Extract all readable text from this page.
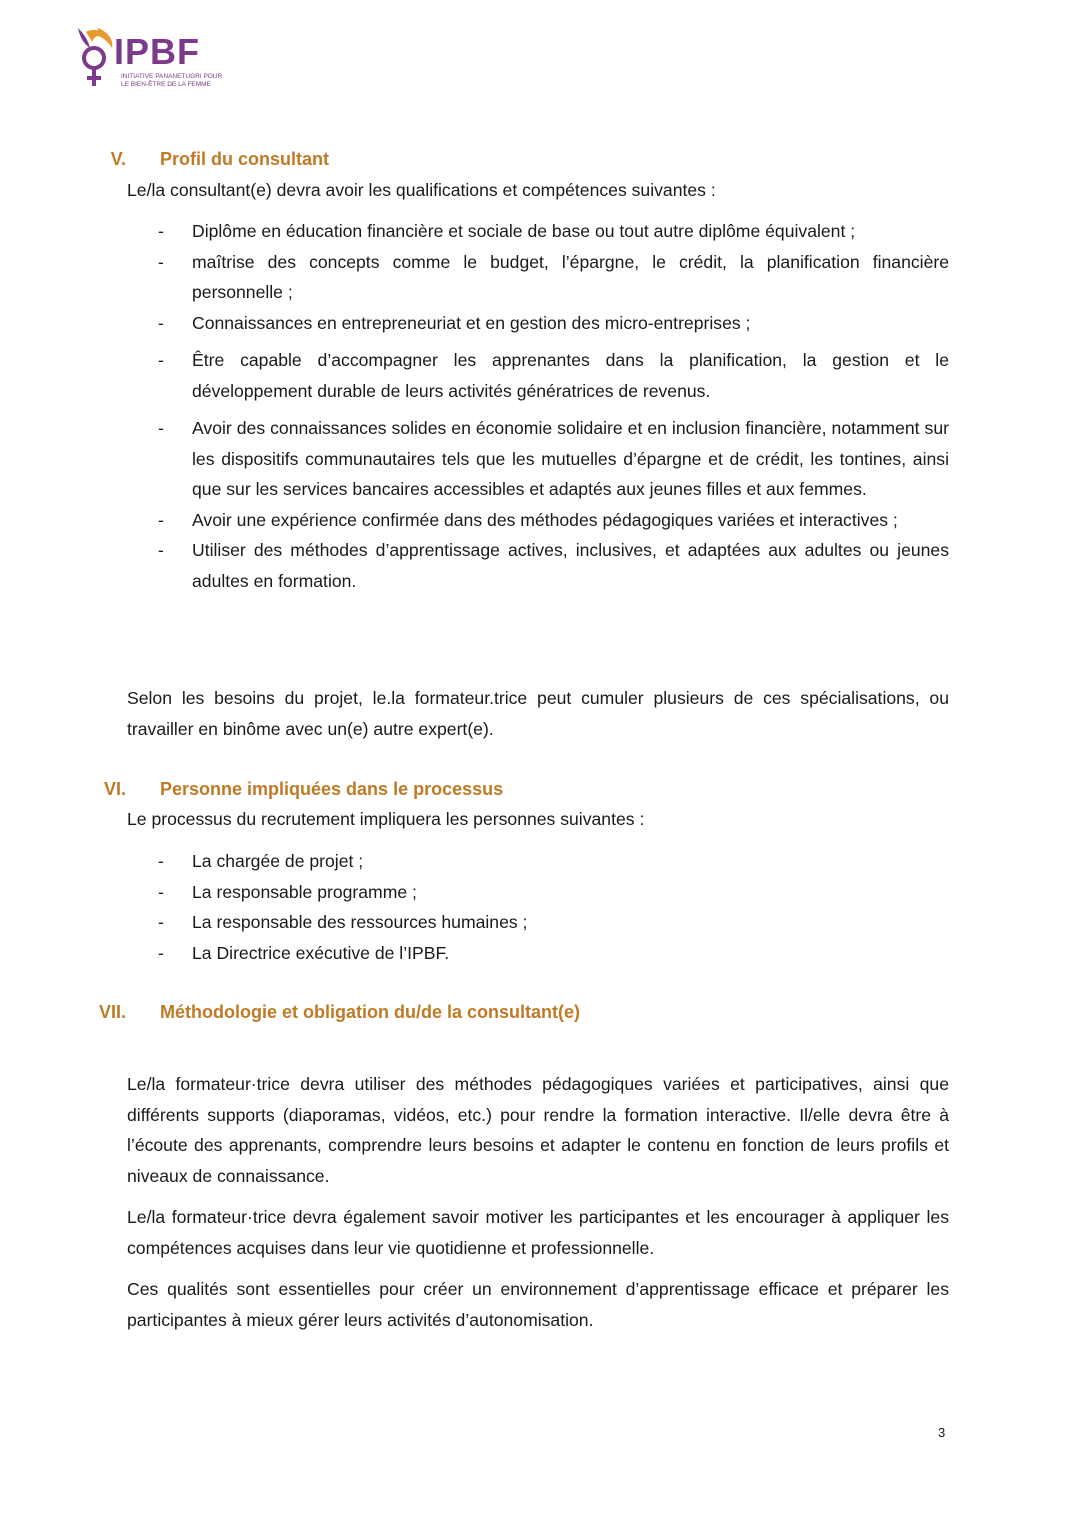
IPBF
INITIATIVE PANANETUGRI POUR
LE BIEN-ÊTRE DE LA FEMME
V. Profil du consultant
Le/la consultant(e) devra avoir les qualifications et compétences suivantes :
- Diplôme en éducation financière et sociale de base ou tout autre diplôme équivalent ;
- maîtrise des concepts comme le budget, l’épargne, le crédit, la planification financière personnelle ;
- Connaissances en entrepreneuriat et en gestion des micro-entreprises ;
- Être capable d’accompagner les apprenantes dans la planification, la gestion et le développement durable de leurs activités génératrices de revenus.
- Avoir des connaissances solides en économie solidaire et en inclusion financière, notamment sur les dispositifs communautaires tels que les mutuelles d’épargne et de crédit, les tontines, ainsi que sur les services bancaires accessibles et adaptés aux jeunes filles et aux femmes.
- Avoir une expérience confirmée dans des méthodes pédagogiques variées et interactives ;
- Utiliser des méthodes d’apprentissage actives, inclusives, et adaptées aux adultes ou jeunes adultes en formation.
Selon les besoins du projet, le.la formateur.trice peut cumuler plusieurs de ces spécialisations, ou travailler en binôme avec un(e) autre expert(e).
VI. Personne impliquées dans le processus
Le processus du recrutement impliquera les personnes suivantes :
- La chargée de projet ;
- La responsable programme ;
- La responsable des ressources humaines ;
- La Directrice exécutive de l’IPBF.
VII. Méthodologie et obligation du/de la consultant(e)
Le/la formateur·trice devra utiliser des méthodes pédagogiques variées et participatives, ainsi que différents supports (diaporamas, vidéos, etc.) pour rendre la formation interactive. Il/elle devra être à l’écoute des apprenants, comprendre leurs besoins et adapter le contenu en fonction de leurs profils et niveaux de connaissance.
Le/la formateur·trice devra également savoir motiver les participantes et les encourager à appliquer les compétences acquises dans leur vie quotidienne et professionnelle.
Ces qualités sont essentielles pour créer un environnement d’apprentissage efficace et préparer les participantes à mieux gérer leurs activités d’autonomisation.
3
